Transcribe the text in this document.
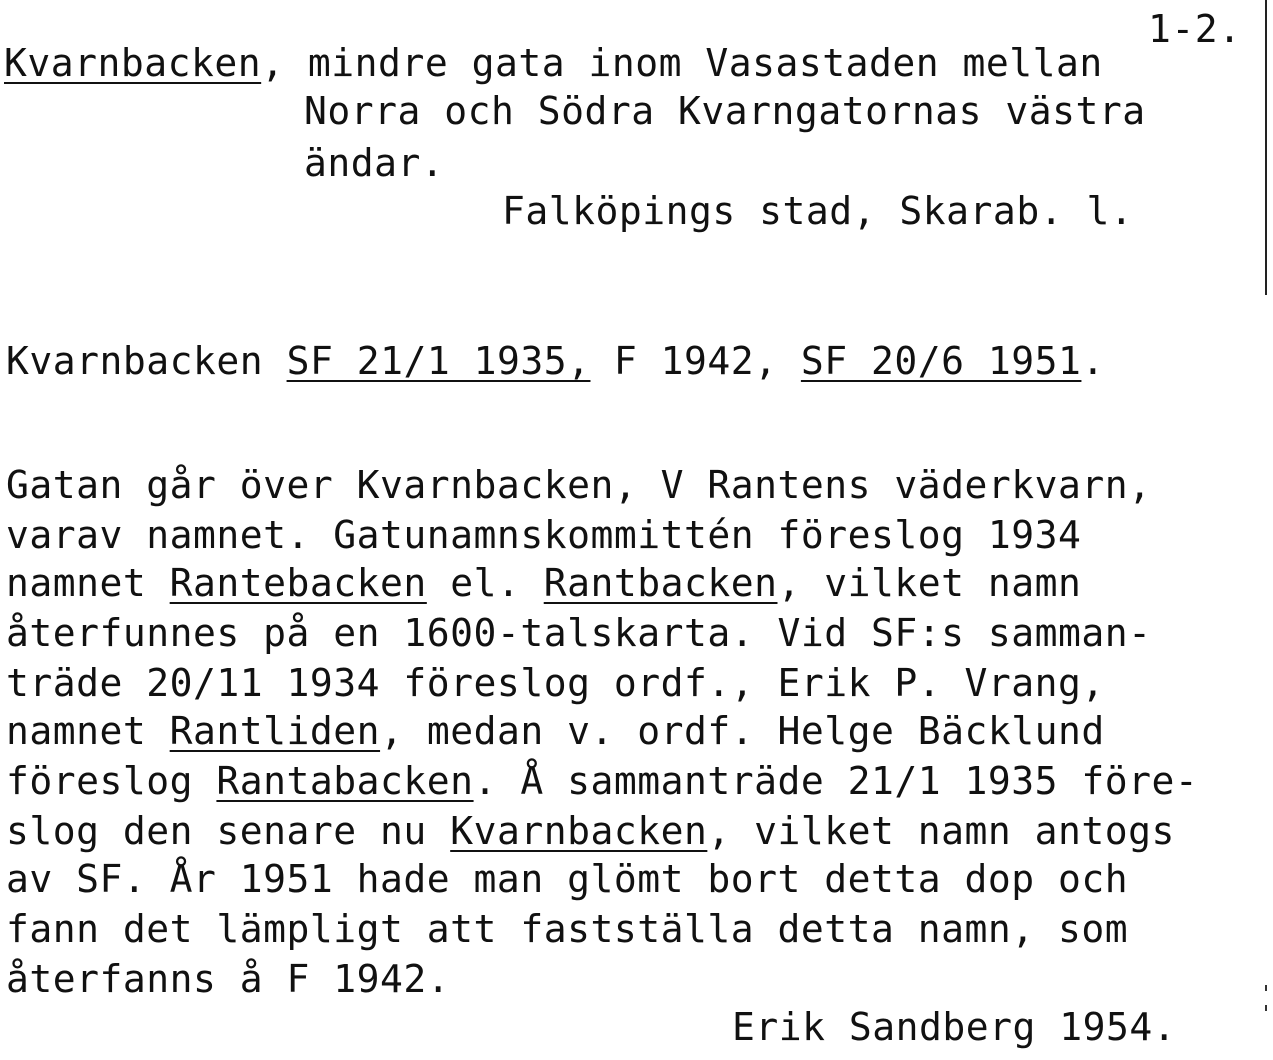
1-2.
Kvarnbacken, mindre gata inom Vasastaden mellan
Norra och Södra Kvarngatornas västra
ändar.
Falköpings stad, Skarab. l.
Kvarnbacken SF 21/1 1935, F 1942, SF 20/6 1951.
Gatan går över Kvarnbacken, V Rantens väderkvarn,
varav namnet. Gatunamnskommittén föreslog 1934
namnet Rantebacken el. Rantbacken, vilket namn
återfunnes på en 1600-talskarta. Vid SF:s samman-
träde 20/11 1934 föreslog ordf., Erik P. Vrang,
namnet Rantliden, medan v. ordf. Helge Bäcklund
föreslog Rantabacken. Å sammanträde 21/1 1935 före-
slog den senare nu Kvarnbacken, vilket namn antogs
av SF. År 1951 hade man glömt bort detta dop och
fann det lämpligt att fastställa detta namn, som
återfanns å F 1942.
Erik Sandberg 1954.
